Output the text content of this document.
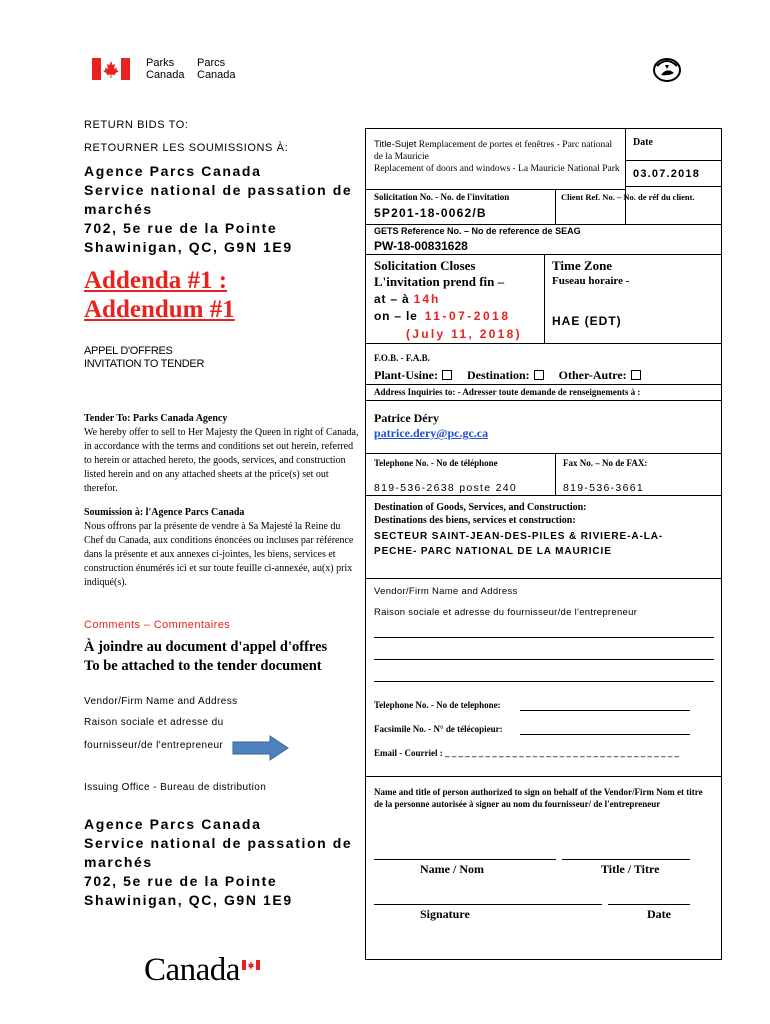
Parks
Canada
Parcs
Canada
RETURN BIDS TO:
RETOURNER LES SOUMISSIONS À:
Agence Parcs Canada
Service national de passation de
marchés
702, 5e rue de la Pointe
Shawinigan, QC, G9N 1E9
Addenda #1 :
Addendum #1
APPEL D'OFFRES
INVITATION TO TENDER
Tender To: Parks Canada Agency
We hereby offer to sell to Her Majesty the Queen in right of Canada, in accordance with the terms and conditions set out herein, referred to herein or attached hereto, the goods, services, and construction listed herein and on any attached sheets at the price(s) set out therefor.
Soumission à: l'Agence Parcs Canada
Nous offrons par la présente de vendre à Sa Majesté la Reine du Chef du Canada, aux conditions énoncées ou incluses par référence dans la présente et aux annexes ci-jointes, les biens, services et construction énumérés ici et sur toute feuille ci-annexée, au(x) prix indiqué(s).
Comments – Commentaires
À joindre au document d'appel d'offres
To be attached to the tender document
Vendor/Firm Name and Address
Raison sociale et adresse du
fournisseur/de l'entrepreneur
Issuing Office - Bureau de distribution
Agence Parcs Canada
Service national de passation de
marchés
702, 5e rue de la Pointe
Shawinigan, QC, G9N 1E9
Canada
Title-Sujet Remplacement de portes et fenêtres - Parc national de la Mauricie
Replacement of doors and windows - La Mauricie National Park
Date
03.07.2018
Solicitation No. - No. de l'invitation
5P201-18-0062/B
Client Ref. No. – No. de réf du client.
GETS Reference No. – No de reference de SEAG
PW-18-00831628
Solicitation Closes
L'invitation prend fin –
at – à 14h
on – le 11-07-2018
(July 11, 2018)
Time Zone
Fuseau horaire -
HAE (EDT)
F.O.B. - F.A.B.
Plant-Usine: Destination: Other-Autre:
Address Inquiries to: - Adresser toute demande de renseignements à :
Patrice Déry
patrice.dery@pc.gc.ca
Telephone No. - No de téléphone	Fax No. – No de FAX:
819-536-2638 poste 240	819-536-3661
Destination of Goods, Services, and Construction:
Destinations des biens, services et construction:
SECTEUR SAINT-JEAN-DES-PILES & RIVIERE-A-LA-
PECHE- PARC NATIONAL DE LA MAURICIE
Vendor/Firm Name and Address
Raison sociale et adresse du fournisseur/de l'entrepreneur
Telephone No. - No de telephone:
Facsimile No. - N° de télécopieur:
Email - Courriel : _ _ _ _ _ _ _ _ _ _ _ _ _ _ _ _ _ _ _ _ _ _ _ _ _ _ _ _ _ _ _ _ _ _ _
Name and title of person authorized to sign on behalf of the Vendor/Firm Nom et titre de la personne autorisée à signer au nom du fournisseur/ de l'entrepreneur
Name / Nom	Title / Titre
Signature	Date
